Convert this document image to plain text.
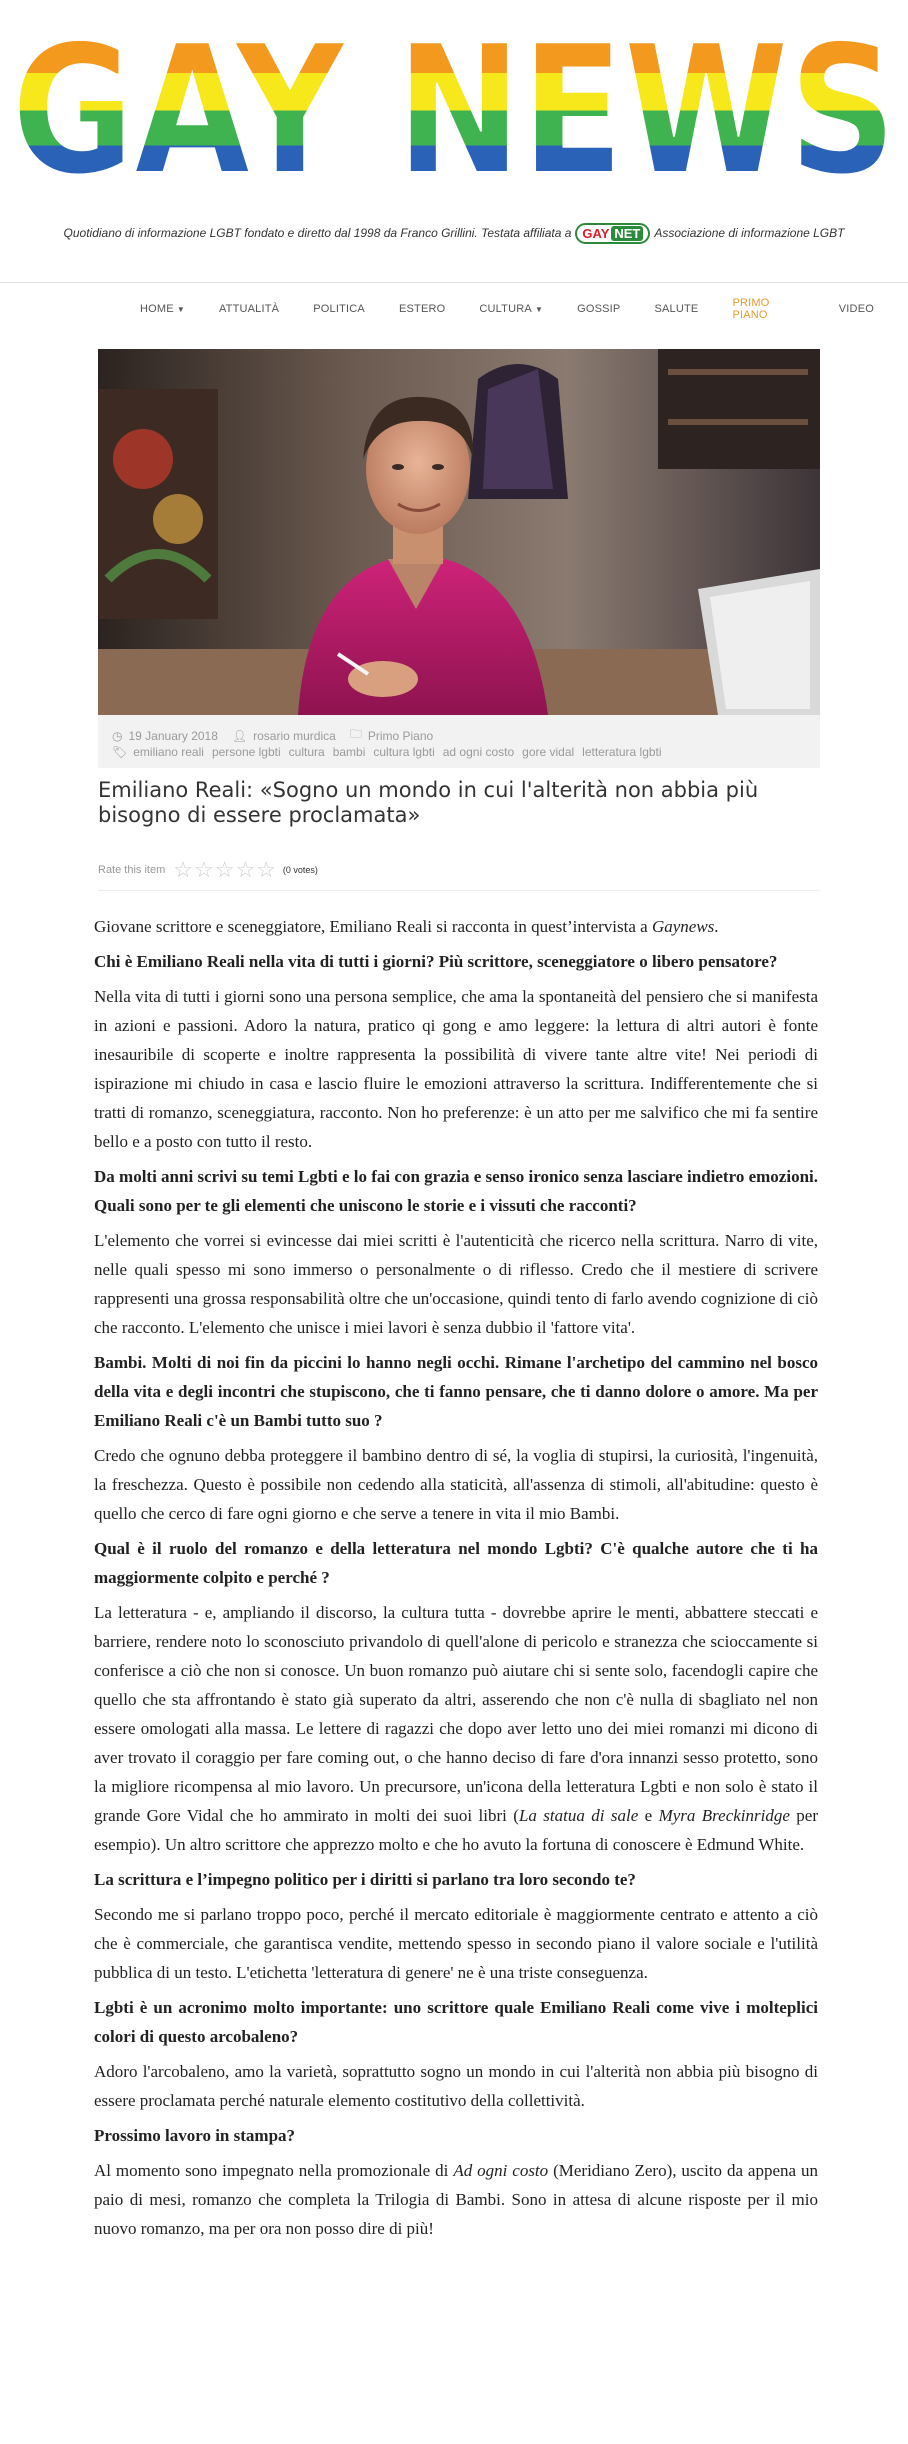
GAY NEWS
Quotidiano di informazione LGBT fondato e diretto dal 1998 da Franco Grillini. Testata affiliata a GAY NET Associazione di informazione LGBT
HOME ▼	ATTUALITÀ	POLITICA	ESTERO	CULTURA ▼	GOSSIP	SALUTE	PRIMO PIANO	VIDEO
◷ 19 January 2018 👤︎ rosario murdica 🗀 Primo Piano
🏷︎ emiliano reali persone lgbti cultura bambi cultura lgbti ad ogni costo gore vidal letteratura lgbti
Emiliano Reali: «Sogno un mondo in cui l'alterità non abbia più bisogno di essere proclamata»
Rate this item ☆ ☆ ☆ ☆ ☆ (0 votes)

Giovane scrittore e sceneggiatore, Emiliano Reali si racconta in quest’intervista a Gaynews.

Chi è Emiliano Reali nella vita di tutti i giorni? Più scrittore, sceneggiatore o libero pensatore?

Nella vita di tutti i giorni sono una persona semplice, che ama la spontaneità del pensiero che si manifesta in azioni e passioni. Adoro la natura, pratico qi gong e amo leggere: la lettura di altri autori è fonte inesauribile di scoperte e inoltre rappresenta la possibilità di vivere tante altre vite! Nei periodi di ispirazione mi chiudo in casa e lascio fluire le emozioni attraverso la scrittura. Indifferentemente che si tratti di romanzo, sceneggiatura, racconto. Non ho preferenze: è un atto per me salvifico che mi fa sentire bello e a posto con tutto il resto.

Da molti anni scrivi su temi Lgbti e lo fai con grazia e senso ironico senza lasciare indietro emozioni. Quali sono per te gli elementi che uniscono le storie e i vissuti che racconti?

L'elemento che vorrei si evincesse dai miei scritti è l'autenticità che ricerco nella scrittura. Narro di vite, nelle quali spesso mi sono immerso o personalmente o di riflesso. Credo che il mestiere di scrivere rappresenti una grossa responsabilità oltre che un'occasione, quindi tento di farlo avendo cognizione di ciò che racconto. L'elemento che unisce i miei lavori è senza dubbio il 'fattore vita'.

Bambi. Molti di noi fin da piccini lo hanno negli occhi. Rimane l'archetipo del cammino nel bosco della vita e degli incontri che stupiscono, che ti fanno pensare, che ti danno dolore o amore. Ma per Emiliano Reali c'è un Bambi tutto suo ?

Credo che ognuno debba proteggere il bambino dentro di sé, la voglia di stupirsi, la curiosità, l'ingenuità, la freschezza. Questo è possibile non cedendo alla staticità, all'assenza di stimoli, all'abitudine: questo è quello che cerco di fare ogni giorno e che serve a tenere in vita il mio Bambi.

Qual è il ruolo del romanzo e della letteratura nel mondo Lgbti? C'è qualche autore che ti ha maggiormente colpito e perché ?

La letteratura - e, ampliando il discorso, la cultura tutta - dovrebbe aprire le menti, abbattere steccati e barriere, rendere noto lo sconosciuto privandolo di quell'alone di pericolo e stranezza che scioccamente si conferisce a ciò che non si conosce. Un buon romanzo può aiutare chi si sente solo, facendogli capire che quello che sta affrontando è stato già superato da altri, asserendo che non c'è nulla di sbagliato nel non essere omologati alla massa. Le lettere di ragazzi che dopo aver letto uno dei miei romanzi mi dicono di aver trovato il coraggio per fare coming out, o che hanno deciso di fare d'ora innanzi sesso protetto, sono la migliore ricompensa al mio lavoro. Un precursore, un'icona della letteratura Lgbti e non solo è stato il grande Gore Vidal che ho ammirato in molti dei suoi libri (La statua di sale e Myra Breckinridge per esempio). Un altro scrittore che apprezzo molto e che ho avuto la fortuna di conoscere è Edmund White.

La scrittura e l’impegno politico per i diritti si parlano tra loro secondo te?

Secondo me si parlano troppo poco, perché il mercato editoriale è maggiormente centrato e attento a ciò che è commerciale, che garantisca vendite, mettendo spesso in secondo piano il valore sociale e l'utilità pubblica di un testo. L'etichetta 'letteratura di genere' ne è una triste conseguenza.

Lgbti è un acronimo molto importante: uno scrittore quale Emiliano Reali come vive i molteplici colori di questo arcobaleno?

Adoro l'arcobaleno, amo la varietà, soprattutto sogno un mondo in cui l'alterità non abbia più bisogno di essere proclamata perché naturale elemento costitutivo della collettività.

Prossimo lavoro in stampa?

Al momento sono impegnato nella promozionale di Ad ogni costo (Meridiano Zero), uscito da appena un paio di mesi, romanzo che completa la Trilogia di Bambi. Sono in attesa di alcune risposte per il mio nuovo romanzo, ma per ora non posso dire di più!
